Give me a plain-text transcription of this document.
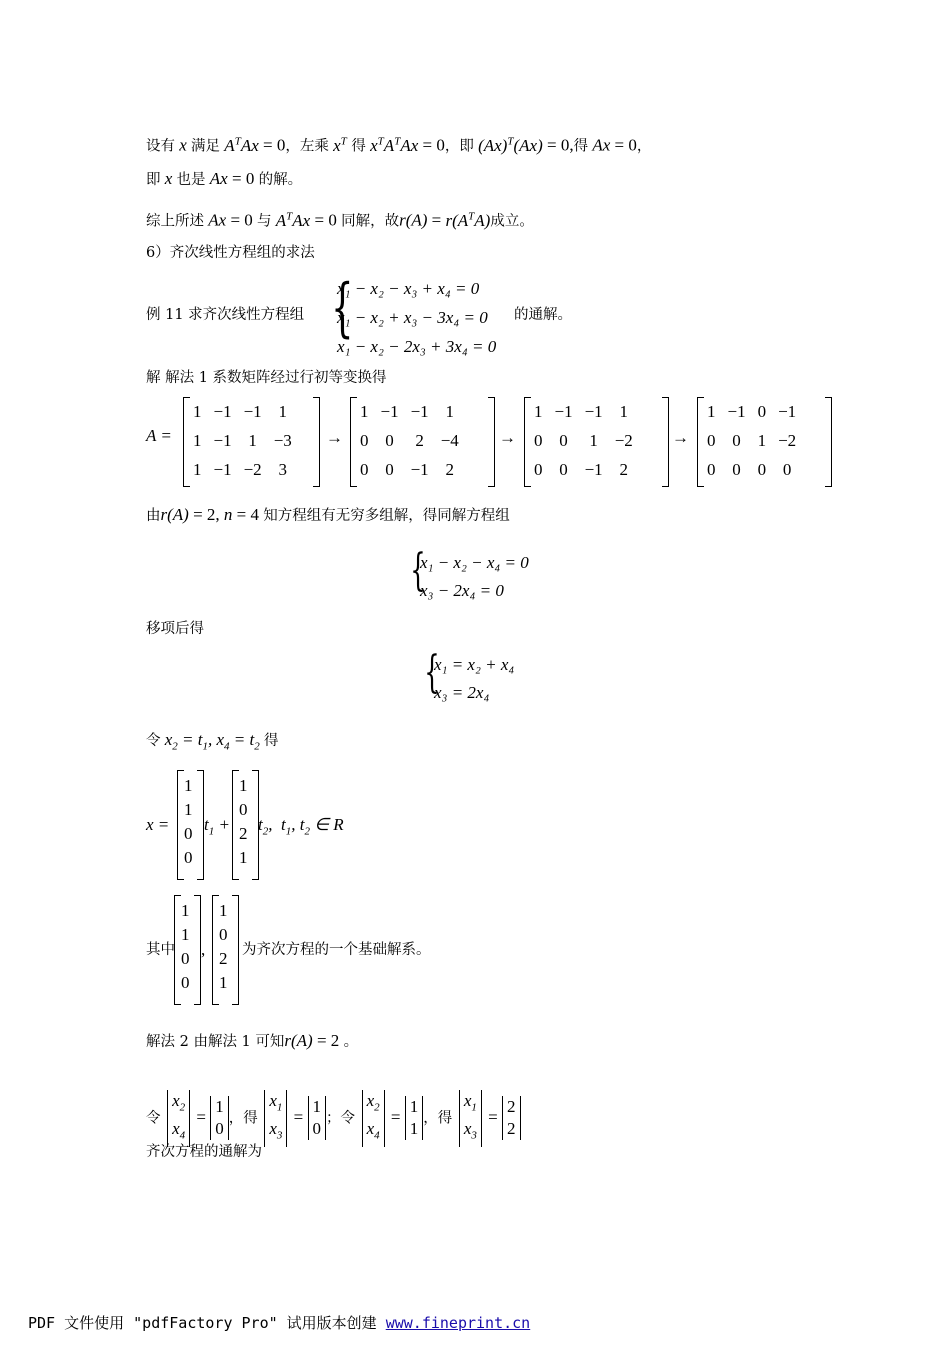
设有 x 满足 $A^TAx = 0$，左乘 $x^T$ 得 $x^TA^TAx = 0$，即 $(Ax)^T(Ax) = 0$,得 Ax = 0，
即 x 也是 Ax = 0 的解。
综上所述 Ax = 0 与 $A^TAx = 0$ 同解，故$r(A) = r(A^TA)$成立。
6）齐次线性方程组的求法
例 11 求齐次线性方程组 {
x₁ − x₂ − x₃ + x₄ = 0
x₁ − x₂ + x₃ − 3x₄ = 0
x₁ − x₂ − 2x₃ + 3x₄ = 0
的通解。
解 解法 1 系数矩阵经过行初等变换得
A =
1	−1	−1	1
1	−1	1	−3
1	−1	−2	3
→
1	−1	−1	1
0	0	2	−4
0	0	−1	2
→
1	−1	−1	1
0	0	1	−2
0	0	−1	2
→
1	−1	0	−1
0	0	1	−2
0	0	0	0
由r(A) = 2, n = 4 知方程组有无穷多组解，得同解方程组
{
x₁ − x₂ − x₄ = 0
x₃ − 2x₄ = 0
移项后得
{
x₁ = x₂ + x₄
x₃ = 2x₄
令 $x_2 = t_1$, $x_4 = t_2$ 得
x =
1
1
0
0
$t_1$ +
1
0
2
1
$t_2$,  $t_1$, $t_2$ ∈ R
其中
1
1
0
0
,
1
0
2
1
为齐次方程的一个基础解系。
解法 2 由解法 1 可知r(A) = 2 。
令 $x_2$
$x_4 = 1$
0，得 $x_1$
$x_3 = 1$
0；令 $x_2$
$x_4 = 1$
1，得 $x_1$
$x_3 = 2$
2
齐次方程的通解为
PDF 文件使用 "pdfFactory Pro" 试用版本创建 www.fineprint.cn
